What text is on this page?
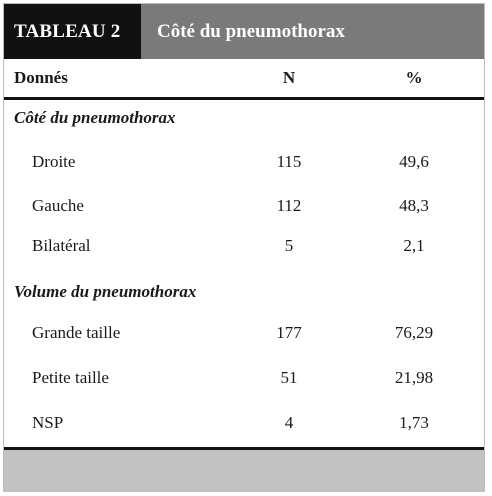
TABLEAU 2	Côté du pneumothorax
Donnés	N	%
Côté du pneumothorax
Droite	115	49,6
Gauche	112	48,3
Bilatéral	5	2,1
Volume du pneumothorax
Grande taille	177	76,29
Petite taille	51	21,98
NSP	4	1,73
